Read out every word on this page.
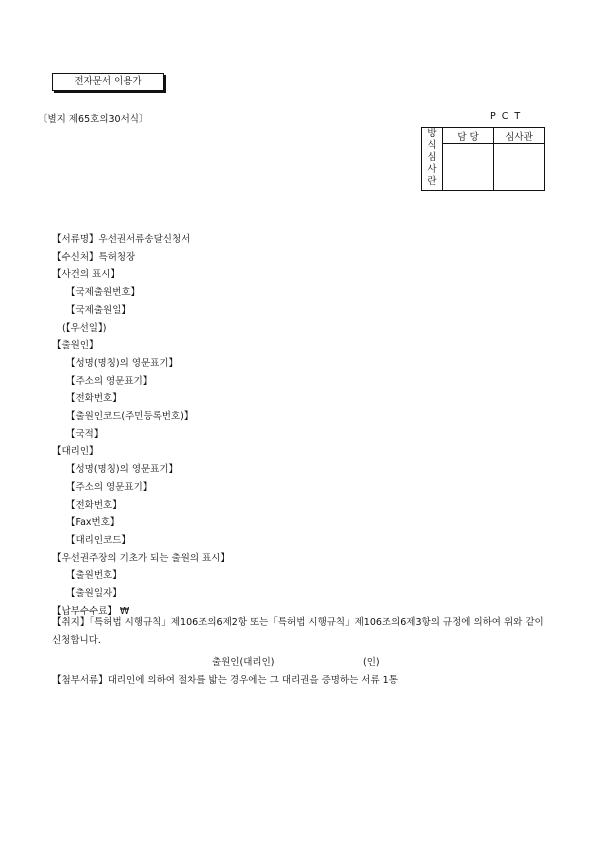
전자문서 이용가
〔별지 제65호의30서식〕	PCT
방
식
심
사
란	담 당	심사관

【서류명】우선권서류송달신청서
【수신처】특허청장
【사건의 표시】
【국제출원번호】
【국제출원일】
(【우선일】)
【출원인】
【성명(명칭)의 영문표기】
【주소의 영문표기】
【전화번호】
【출원인코드(주민등록번호)】
【국적】
【대리인】
【성명(명칭)의 영문표기】
【주소의 영문표기】
【전화번호】
【Fax번호】
【대리인코드】
【우선권주장의 기초가 되는 출원의 표시】
【출원번호】
【출원일자】
【납부수수료】 ₩
【취지】「특허법 시행규칙」제106조의6제2항 또는「특허법 시행규칙」제106조의6제3항의 규정에 의하여 위와 같이 신청합니다.
출원인(대리인)	(인)
【첨부서류】대리인에 의하여 절차를 밟는 경우에는 그 대리권을 증명하는 서류 1통
